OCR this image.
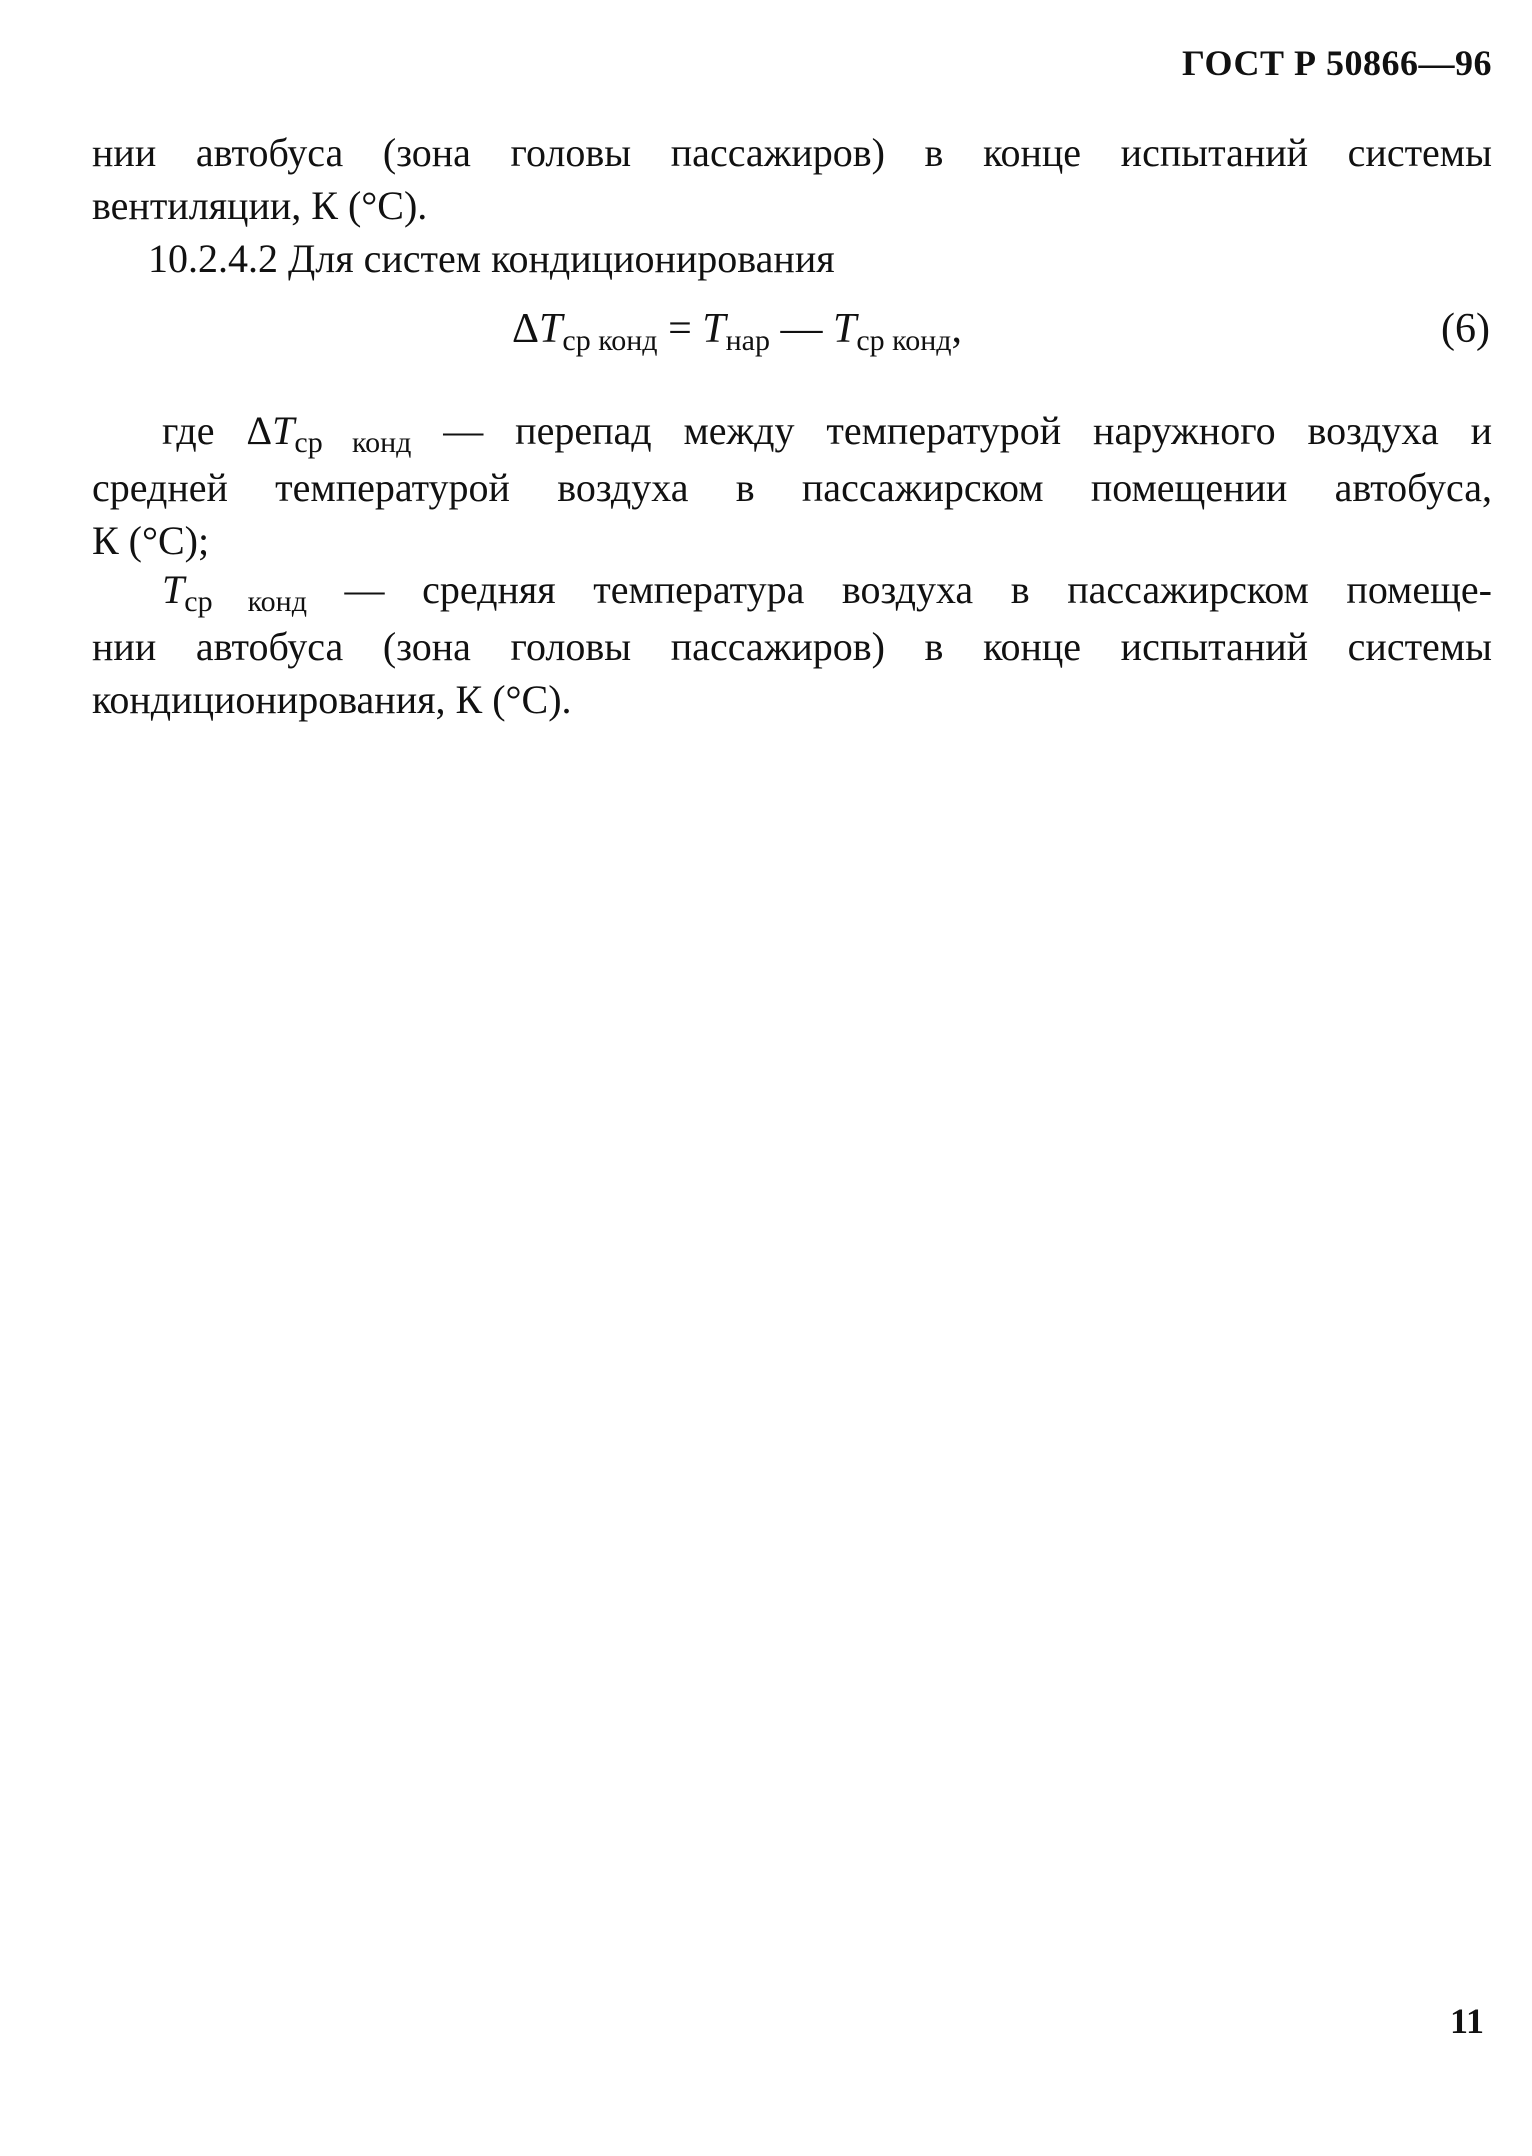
ГОСТ Р 50866—96
нии автобуса (зона головы пассажиров) в конце испытаний системы
вентиляции, К (°С).
10.2.4.2 Для систем кондиционирования
ΔTср конд = Tнар — Tср конд,	(6)
где $\Delta T_{ср конд}$ — перепад между температурой наружного воздуха и
средней температурой воздуха в пассажирском помещении автобуса,
К (°С);
$T_{ср конд}$ — средняя температура воздуха в пассажирском помеще-
нии автобуса (зона головы пассажиров) в конце испытаний системы
кондиционирования, К (°С).
11
